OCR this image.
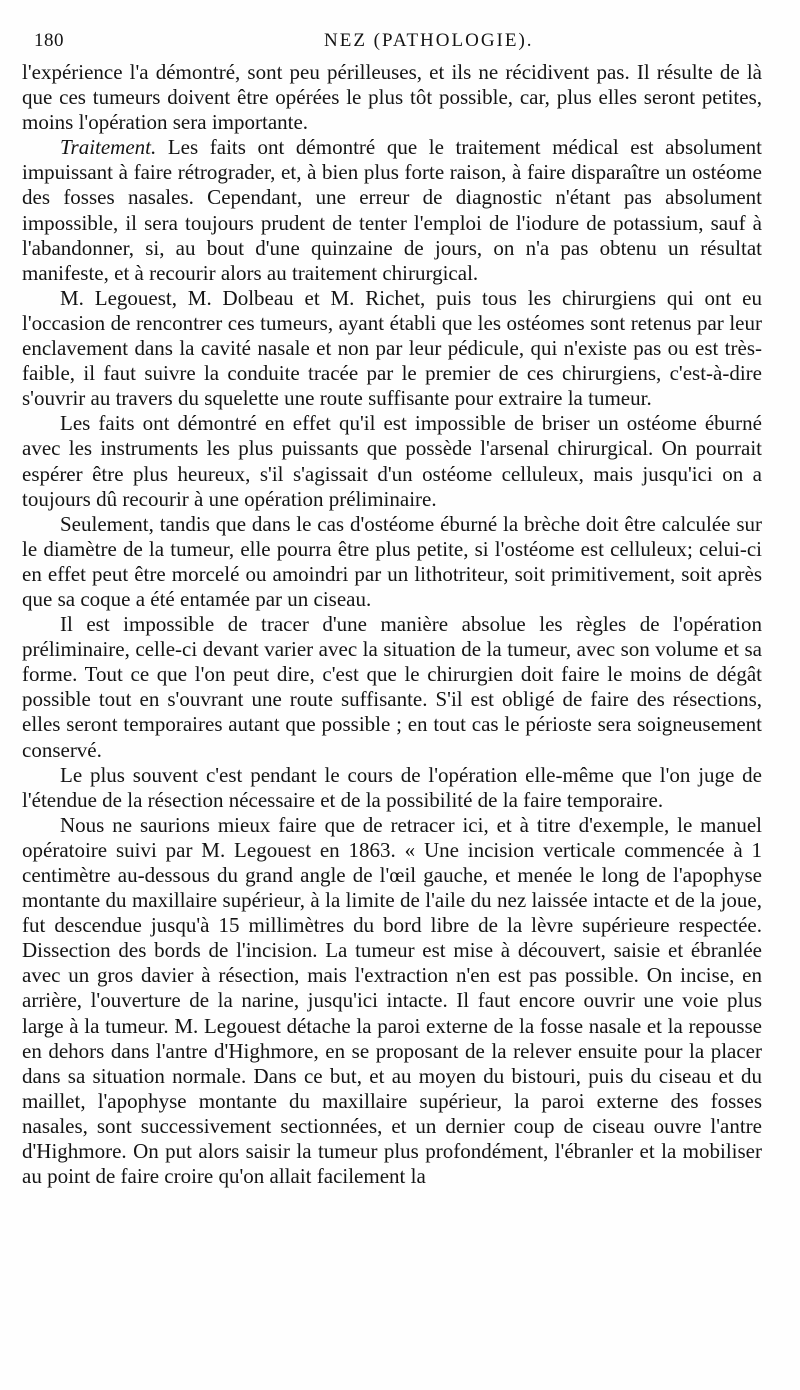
180	NEZ (PATHOLOGIE).

l'expérience l'a démontré, sont peu périlleuses, et ils ne récidivent pas. Il résulte de là que ces tumeurs doivent être opérées le plus tôt possible, car, plus elles seront petites, moins l'opération sera importante.

Traitement. Les faits ont démontré que le traitement médical est absolument impuissant à faire rétrograder, et, à bien plus forte raison, à faire disparaître un ostéome des fosses nasales. Cependant, une erreur de diagnostic n'étant pas absolument impossible, il sera toujours prudent de tenter l'emploi de l'iodure de potassium, sauf à l'abandonner, si, au bout d'une quinzaine de jours, on n'a pas obtenu un résultat manifeste, et à recourir alors au traitement chirurgical.

M. Legouest, M. Dolbeau et M. Richet, puis tous les chirurgiens qui ont eu l'occasion de rencontrer ces tumeurs, ayant établi que les ostéomes sont retenus par leur enclavement dans la cavité nasale et non par leur pédicule, qui n'existe pas ou est très-faible, il faut suivre la conduite tracée par le premier de ces chirurgiens, c'est-à-dire s'ouvrir au travers du squelette une route suffisante pour extraire la tumeur.

Les faits ont démontré en effet qu'il est impossible de briser un ostéome éburné avec les instruments les plus puissants que possède l'arsenal chirurgical. On pourrait espérer être plus heureux, s'il s'agissait d'un ostéome celluleux, mais jusqu'ici on a toujours dû recourir à une opération préliminaire.

Seulement, tandis que dans le cas d'ostéome éburné la brèche doit être calculée sur le diamètre de la tumeur, elle pourra être plus petite, si l'ostéome est celluleux; celui-ci en effet peut être morcelé ou amoindri par un lithotriteur, soit primitivement, soit après que sa coque a été entamée par un ciseau.

Il est impossible de tracer d'une manière absolue les règles de l'opération préliminaire, celle-ci devant varier avec la situation de la tumeur, avec son volume et sa forme. Tout ce que l'on peut dire, c'est que le chirurgien doit faire le moins de dégât possible tout en s'ouvrant une route suffisante. S'il est obligé de faire des résections, elles seront temporaires autant que possible ; en tout cas le périoste sera soigneusement conservé.

Le plus souvent c'est pendant le cours de l'opération elle-même que l'on juge de l'étendue de la résection nécessaire et de la possibilité de la faire temporaire.

Nous ne saurions mieux faire que de retracer ici, et à titre d'exemple, le manuel opératoire suivi par M. Legouest en 1863. « Une incision verticale commencée à 1 centimètre au-dessous du grand angle de l'œil gauche, et menée le long de l'apophyse montante du maxillaire supérieur, à la limite de l'aile du nez laissée intacte et de la joue, fut descendue jusqu'à 15 millimètres du bord libre de la lèvre supérieure respectée. Dissection des bords de l'incision. La tumeur est mise à découvert, saisie et ébranlée avec un gros davier à résection, mais l'extraction n'en est pas possible. On incise, en arrière, l'ouverture de la narine, jusqu'ici intacte. Il faut encore ouvrir une voie plus large à la tumeur. M. Legouest détache la paroi externe de la fosse nasale et la repousse en dehors dans l'antre d'Highmore, en se proposant de la relever ensuite pour la placer dans sa situation normale. Dans ce but, et au moyen du bistouri, puis du ciseau et du maillet, l'apophyse montante du maxillaire supérieur, la paroi externe des fosses nasales, sont successivement sectionnées, et un dernier coup de ciseau ouvre l'antre d'Highmore. On put alors saisir la tumeur plus profondément, l'ébranler et la mobiliser au point de faire croire qu'on allait facilement la
